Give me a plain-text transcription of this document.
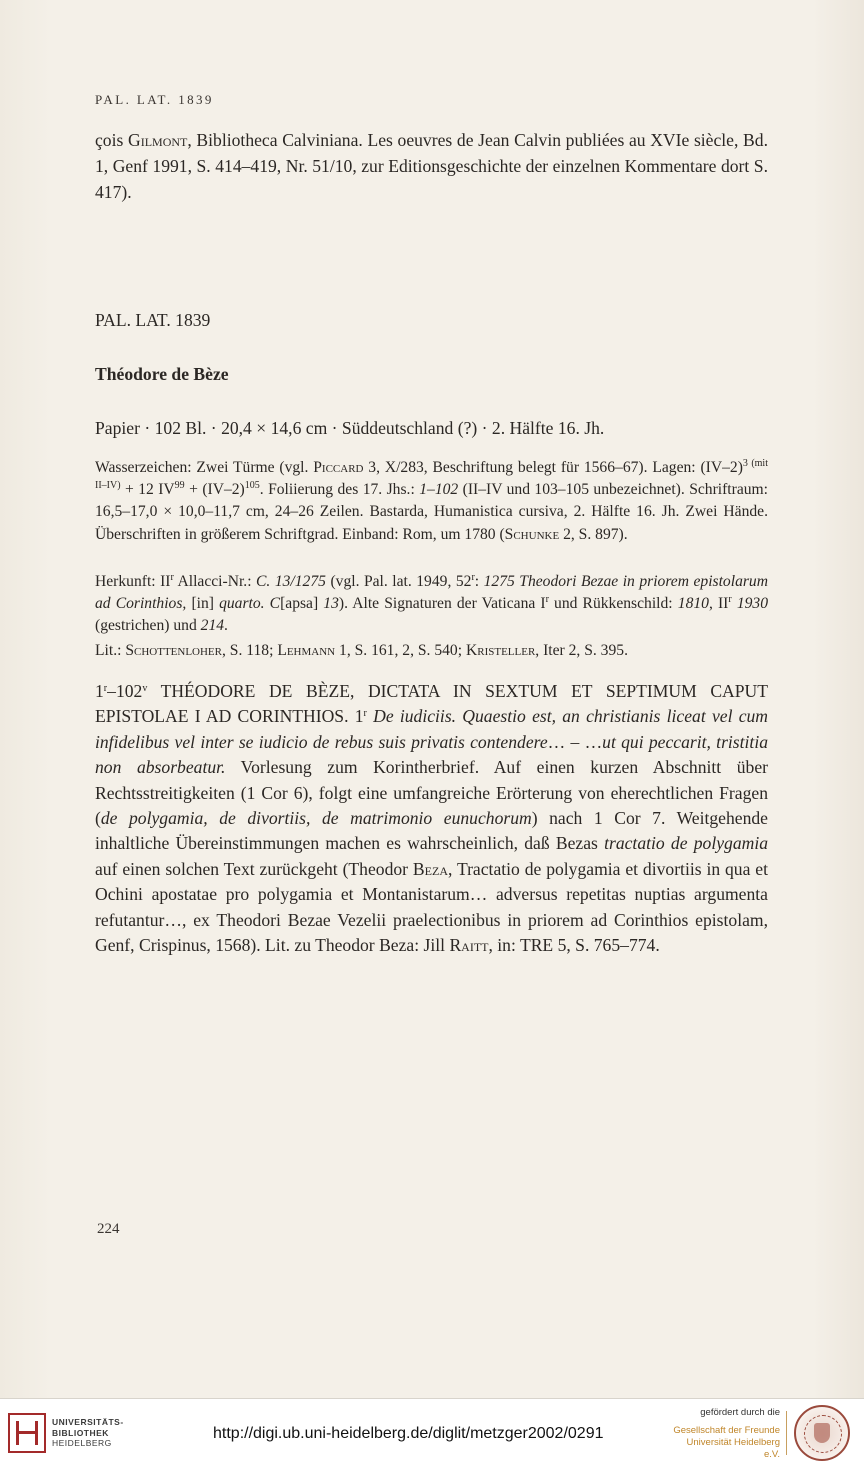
PAL. LAT. 1839
çois Gilmont, Bibliotheca Calviniana. Les oeuvres de Jean Calvin publiées au XVIe siècle, Bd. 1, Genf 1991, S. 414–419, Nr. 51/10, zur Editionsgeschichte der einzelnen Kommentare dort S. 417).
PAL. LAT. 1839
Théodore de Bèze
Papier · 102 Bl. · 20,4 × 14,6 cm · Süddeutschland (?) · 2. Hälfte 16. Jh.
Wasserzeichen: Zwei Türme (vgl. Piccard 3, X/283, Beschriftung belegt für 1566–67). Lagen: $(IV-2)^{3 (mit II-IV)} + 12$ $IV^{99} + (IV-2)^{105}$. Foliierung des 17. Jhs.: 1–102 (II–IV und 103–105 unbezeichnet). Schriftraum: 16,5–17,0 × 10,0–11,7 cm, 24–26 Zeilen. Bastarda, Humanistica cursiva, 2. Hälfte 16. Jh. Zwei Hände. Überschriften in größerem Schriftgrad. Einband: Rom, um 1780 (Schunke 2, S. 897).
Herkunft: $II^r$ Allacci-Nr.: C. 13/1275 (vgl. Pal. lat. 1949, 52$^r$: 1275 Theodori Bezae in priorem epistolarum ad Corinthios, [in] quarto. C[apsa] 13). Alte Signaturen der Vaticana $I^r$ und Rükkenschild: 1810, $II^r$ 1930 (gestrichen) und 214.
Lit.: Schottenloher, S. 118; Lehmann 1, S. 161, 2, S. 540; Kristeller, Iter 2, S. 395.
1$^r$–102$^v$ THÉODORE DE BÈZE, DICTATA IN SEXTUM ET SEPTIMUM CAPUT EPISTOLAE I AD CORINTHIOS. 1$^r$ De iudiciis. Quaestio est, an christianis liceat vel cum infidelibus vel inter se iudicio de rebus suis privatis contendere… – …ut qui peccarit, tristitia non absorbeatur. Vorlesung zum Korintherbrief. Auf einen kurzen Abschnitt über Rechtsstreitigkeiten (1 Cor 6), folgt eine umfangreiche Erörterung von eherechtlichen Fragen (de polygamia, de divortiis, de matrimonio eunuchorum) nach 1 Cor 7. Weitgehende inhaltliche Übereinstimmungen machen es wahrscheinlich, daß Bezas tractatio de polygamia auf einen solchen Text zurückgeht (Theodor Beza, Tractatio de polygamia et divortiis in qua et Ochini apostatae pro polygamia et Montanistarum… adversus repetitas nuptias argumenta refutantur…, ex Theodori Bezae Vezelii praelectionibus in priorem ad Corinthios epistolam, Genf, Crispinus, 1568). Lit. zu Theodor Beza: Jill Raitt, in: TRE 5, S. 765–774.
224
UNIVERSITÄTS-
BIBLIOTHEK
HEIDELBERG
http://digi.ub.uni-heidelberg.de/diglit/metzger2002/0291
gefördert durch die
Gesellschaft der Freunde
Universität Heidelberg e.V.
